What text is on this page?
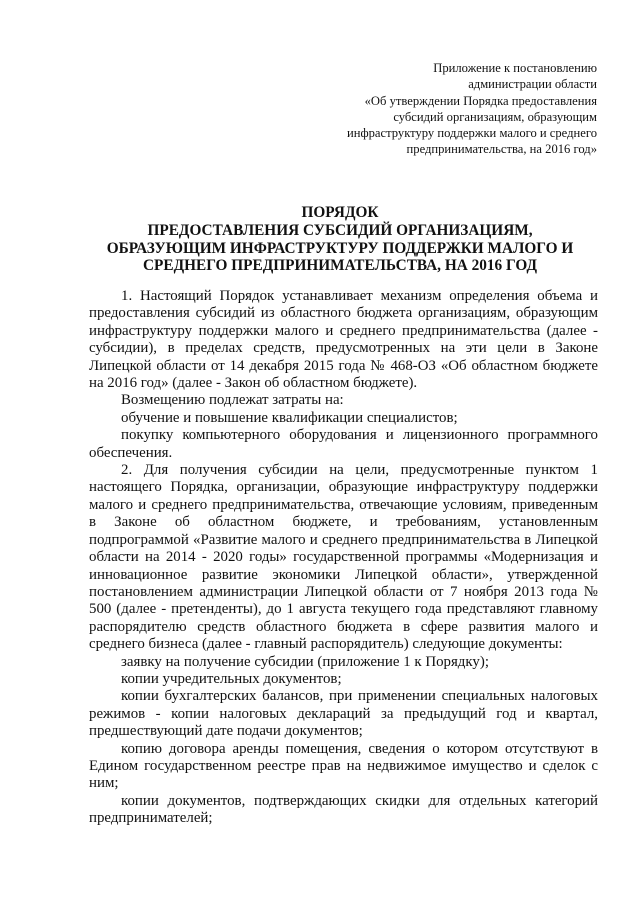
Приложение к постановлению
администрации области
«Об утверждении Порядка предоставления
субсидий организациям, образующим
инфраструктуру поддержки малого и среднего
предпринимательства, на 2016 год»
ПОРЯДОК
ПРЕДОСТАВЛЕНИЯ СУБСИДИЙ ОРГАНИЗАЦИЯМ,
ОБРАЗУЮЩИМ ИНФРАСТРУКТУРУ ПОДДЕРЖКИ МАЛОГО И
СРЕДНЕГО ПРЕДПРИНИМАТЕЛЬСТВА, НА 2016 ГОД

1. Настоящий Порядок устанавливает механизм определения объема и предоставления субсидий из областного бюджета организациям, образующим инфраструктуру поддержки малого и среднего предпринимательства (далее - субсидии), в пределах средств, предусмотренных на эти цели в Законе Липецкой области от 14 декабря 2015 года № 468-ОЗ «Об областном бюджете на 2016 год» (далее - Закон об областном бюджете).

Возмещению подлежат затраты на:

обучение и повышение квалификации специалистов;

покупку компьютерного оборудования и лицензионного программного обеспечения.

2. Для получения субсидии на цели, предусмотренные пунктом 1 настоящего Порядка, организации, образующие инфраструктуру поддержки малого и среднего предпринимательства, отвечающие условиям, приведенным в Законе об областном бюджете, и требованиям, установленным подпрограммой «Развитие малого и среднего предпринимательства в Липецкой области на 2014 - 2020 годы» государственной программы «Модернизация и инновационное развитие экономики Липецкой области», утвержденной постановлением администрации Липецкой области от 7 ноября 2013 года № 500 (далее - претенденты), до 1 августа текущего года представляют главному распорядителю средств областного бюджета в сфере развития малого и среднего бизнеса (далее - главный распорядитель) следующие документы:

заявку на получение субсидии (приложение 1 к Порядку);

копии учредительных документов;

копии бухгалтерских балансов, при применении специальных налоговых режимов - копии налоговых деклараций за предыдущий год и квартал, предшествующий дате подачи документов;

копию договора аренды помещения, сведения о котором отсутствуют в Едином государственном реестре прав на недвижимое имущество и сделок с ним;

копии документов, подтверждающих скидки для отдельных категорий предпринимателей;
